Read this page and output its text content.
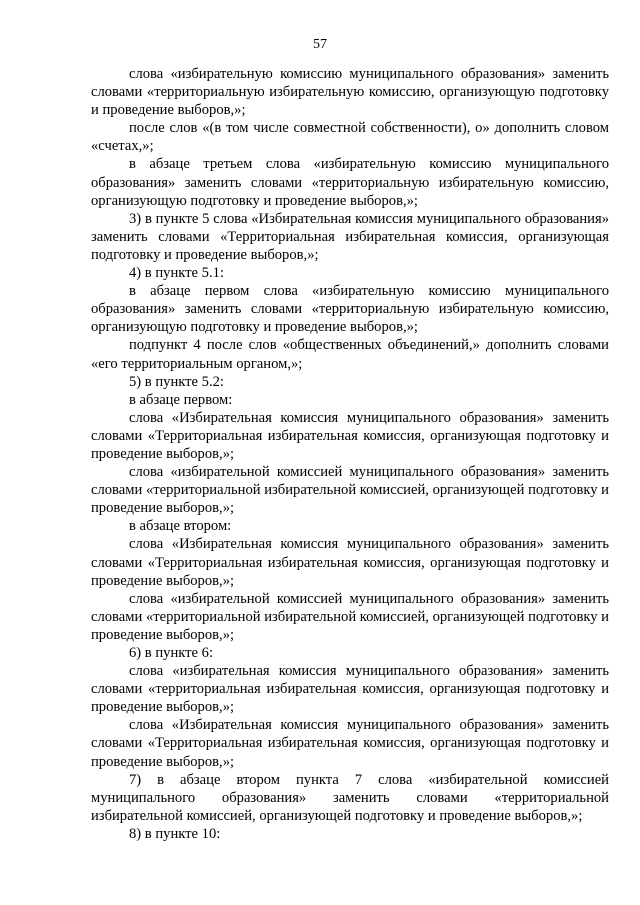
57

слова «избирательную комиссию муниципального образования» заменить словами «территориальную избирательную комиссию, организующую подготовку и проведение выборов,»;

после слов «(в том числе совместной собственности), о» дополнить словом «счетах,»;

в абзаце третьем слова «избирательную комиссию муниципального образования» заменить словами «территориальную избирательную комиссию, организующую подготовку и проведение выборов,»;

3) в пункте 5 слова «Избирательная комиссия муниципального образования» заменить словами «Территориальная избирательная комиссия, организующая подготовку и проведение выборов,»;

4) в пункте 5.1:

в абзаце первом слова «избирательную комиссию муниципального образования» заменить словами «территориальную избирательную комиссию, организующую подготовку и проведение выборов,»;

подпункт 4 после слов «общественных объединений,» дополнить словами «его территориальным органом,»;

5) в пункте 5.2:

в абзаце первом:

слова «Избирательная комиссия муниципального образования» заменить словами «Территориальная избирательная комиссия, организующая подготовку и проведение выборов,»;

слова «избирательной комиссией муниципального образования» заменить словами «территориальной избирательной комиссией, организующей подготовку и проведение выборов,»;

в абзаце втором:

слова «Избирательная комиссия муниципального образования» заменить словами «Территориальная избирательная комиссия, организующая подготовку и проведение выборов,»;

слова «избирательной комиссией муниципального образования» заменить словами «территориальной избирательной комиссией, организующей подготовку и проведение выборов,»;

6) в пункте 6:

слова «избирательная комиссия муниципального образования» заменить словами «территориальная избирательная комиссия, организующая подготовку и проведение выборов,»;

слова «Избирательная комиссия муниципального образования» заменить словами «Территориальная избирательная комиссия, организующая подготовку и проведение выборов,»;

7) в абзаце втором пункта 7 слова «избирательной комиссией муниципального образования» заменить словами «территориальной избирательной комиссией, организующей подготовку и проведение выборов,»;

8) в пункте 10:
